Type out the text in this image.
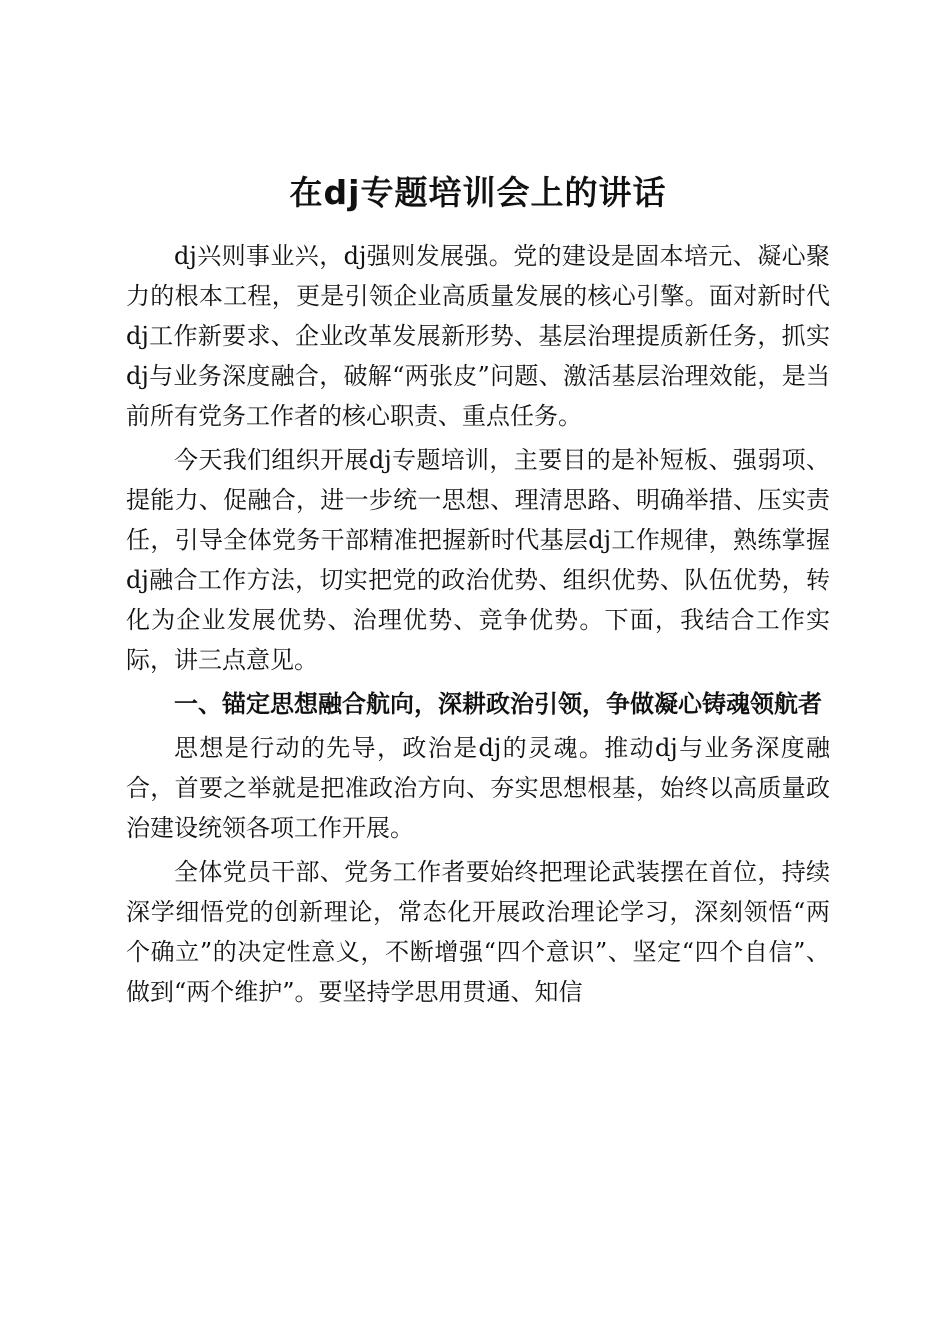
在dj专题培训会上的讲话

dj兴则事业兴，dj强则发展强。党的建设是固本培元、凝心聚力的根本工程，更是引领企业高质量发展的核心引擎。面对新时代dj工作新要求、企业改革发展新形势、基层治理提质新任务，抓实dj与业务深度融合，破解“两张皮”问题、激活基层治理效能，是当前所有党务工作者的核心职责、重点任务。

今天我们组织开展dj专题培训，主要目的是补短板、强弱项、提能力、促融合，进一步统一思想、理清思路、明确举措、压实责任，引导全体党务干部精准把握新时代基层dj工作规律，熟练掌握dj融合工作方法，切实把党的政治优势、组织优势、队伍优势，转化为企业发展优势、治理优势、竞争优势。下面，我结合工作实际，讲三点意见。

一、锚定思想融合航向，深耕政治引领，争做凝心铸魂领航者

思想是行动的先导，政治是dj的灵魂。推动dj与业务深度融合，首要之举就是把准政治方向、夯实思想根基，始终以高质量政治建设统领各项工作开展。

全体党员干部、党务工作者要始终把理论武装摆在首位，持续深学细悟党的创新理论，常态化开展政治理论学习，深刻领悟“两个确立”的决定性意义，不断增强“四个意识”、坚定“四个自信”、做到“两个维护”。要坚持学思用贯通、知信
